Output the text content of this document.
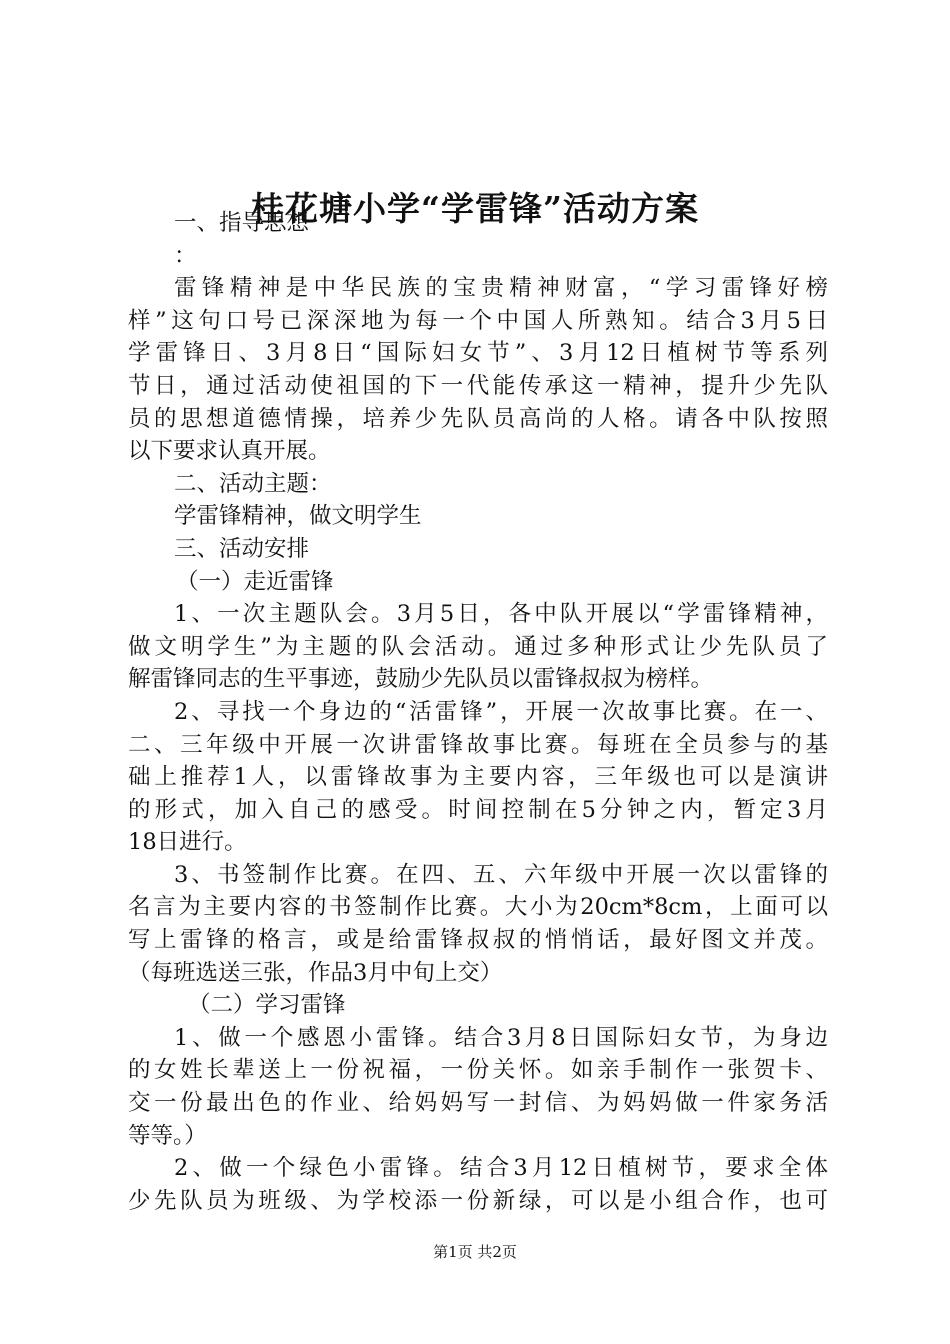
桂花塘小学“学雷锋”活动方案
一、指导思想
：
雷锋精神是中华民族的宝贵精神财富，“学习雷锋好榜
样”这句口号已深深地为每一个中国人所熟知。结合3月5日
学雷锋日、3月8日“国际妇女节”、3月12日植树节等系列
节日，通过活动使祖国的下一代能传承这一精神，提升少先队
员的思想道德情操，培养少先队员高尚的人格。请各中队按照
以下要求认真开展。
二、活动主题：
学雷锋精神，做文明学生
三、活动安排
（一）走近雷锋
1、一次主题队会。3月5日，各中队开展以“学雷锋精神，
做文明学生”为主题的队会活动。通过多种形式让少先队员了
解雷锋同志的生平事迹，鼓励少先队员以雷锋叔叔为榜样。
2、寻找一个身边的“活雷锋”，开展一次故事比赛。在一、
二、三年级中开展一次讲雷锋故事比赛。每班在全员参与的基
础上推荐1人，以雷锋故事为主要内容，三年级也可以是演讲
的形式，加入自己的感受。时间控制在5分钟之内，暂定3月
18日进行。
3、书签制作比赛。在四、五、六年级中开展一次以雷锋的
名言为主要内容的书签制作比赛。大小为20cm*8cm，上面可以
写上雷锋的格言，或是给雷锋叔叔的悄悄话，最好图文并茂。
（每班选送三张，作品3月中旬上交）
（二）学习雷锋
1、做一个感恩小雷锋。结合3月8日国际妇女节，为身边
的女姓长辈送上一份祝福，一份关怀。如亲手制作一张贺卡、
交一份最出色的作业、给妈妈写一封信、为妈妈做一件家务活
等等。）
2、做一个绿色小雷锋。结合3月12日植树节，要求全体
少先队员为班级、为学校添一份新绿，可以是小组合作，也可
第1页 共2页
